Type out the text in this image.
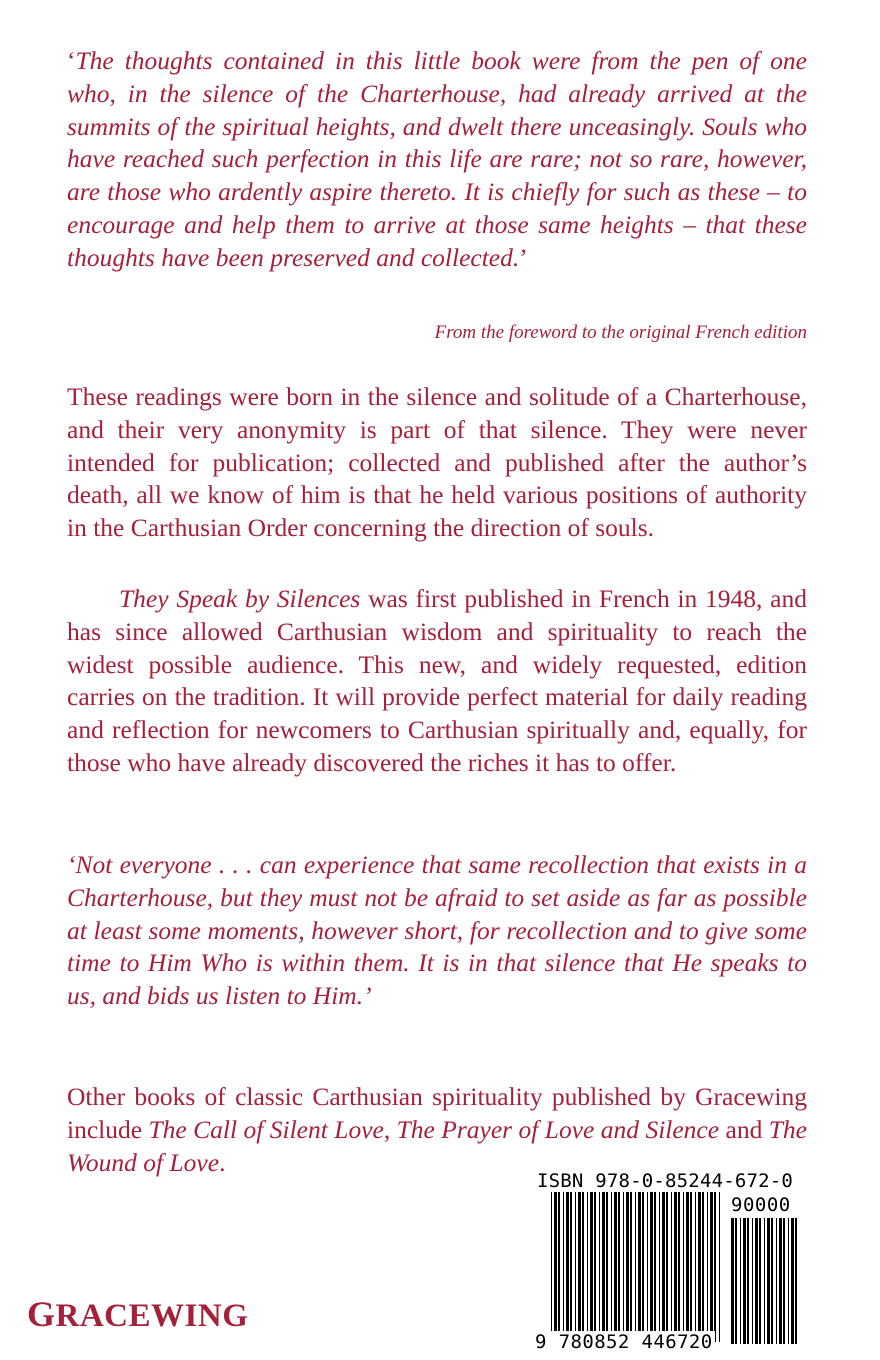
‘The thoughts contained in this little book were from the pen of one who, in the silence of the Charterhouse, had already arrived at the summits of the spiritual heights, and dwelt there unceasingly. Souls who have reached such perfection in this life are rare; not so rare, however, are those who ardently aspire thereto. It is chiefly for such as these – to encourage and help them to arrive at those same heights – that these thoughts have been preserved and collected.’
From the foreword to the original French edition
These readings were born in the silence and solitude of a Charterhouse, and their very anonymity is part of that silence. They were never intended for publication; collected and published after the author’s death, all we know of him is that he held various positions of authority in the Carthusian Order concerning the direction of souls.
They Speak by Silences was first published in French in 1948, and has since allowed Carthusian wisdom and spirituality to reach the widest possible audience. This new, and widely requested, edition carries on the tradition. It will provide perfect material for daily reading and reflection for newcomers to Carthusian spiritually and, equally, for those who have already discovered the riches it has to offer.
‘Not everyone . . . can experience that same recollection that exists in a Charterhouse, but they must not be afraid to set aside as far as possible at least some moments, however short, for recollection and to give some time to Him Who is within them. It is in that silence that He speaks to us, and bids us listen to Him.’
Other books of classic Carthusian spirituality published by Gracewing include The Call of Silent Love, The Prayer of Love and Silence and The Wound of Love.
GRACEWING
ISBN 978-0-85244-672-0
90000
9 780852 446720
